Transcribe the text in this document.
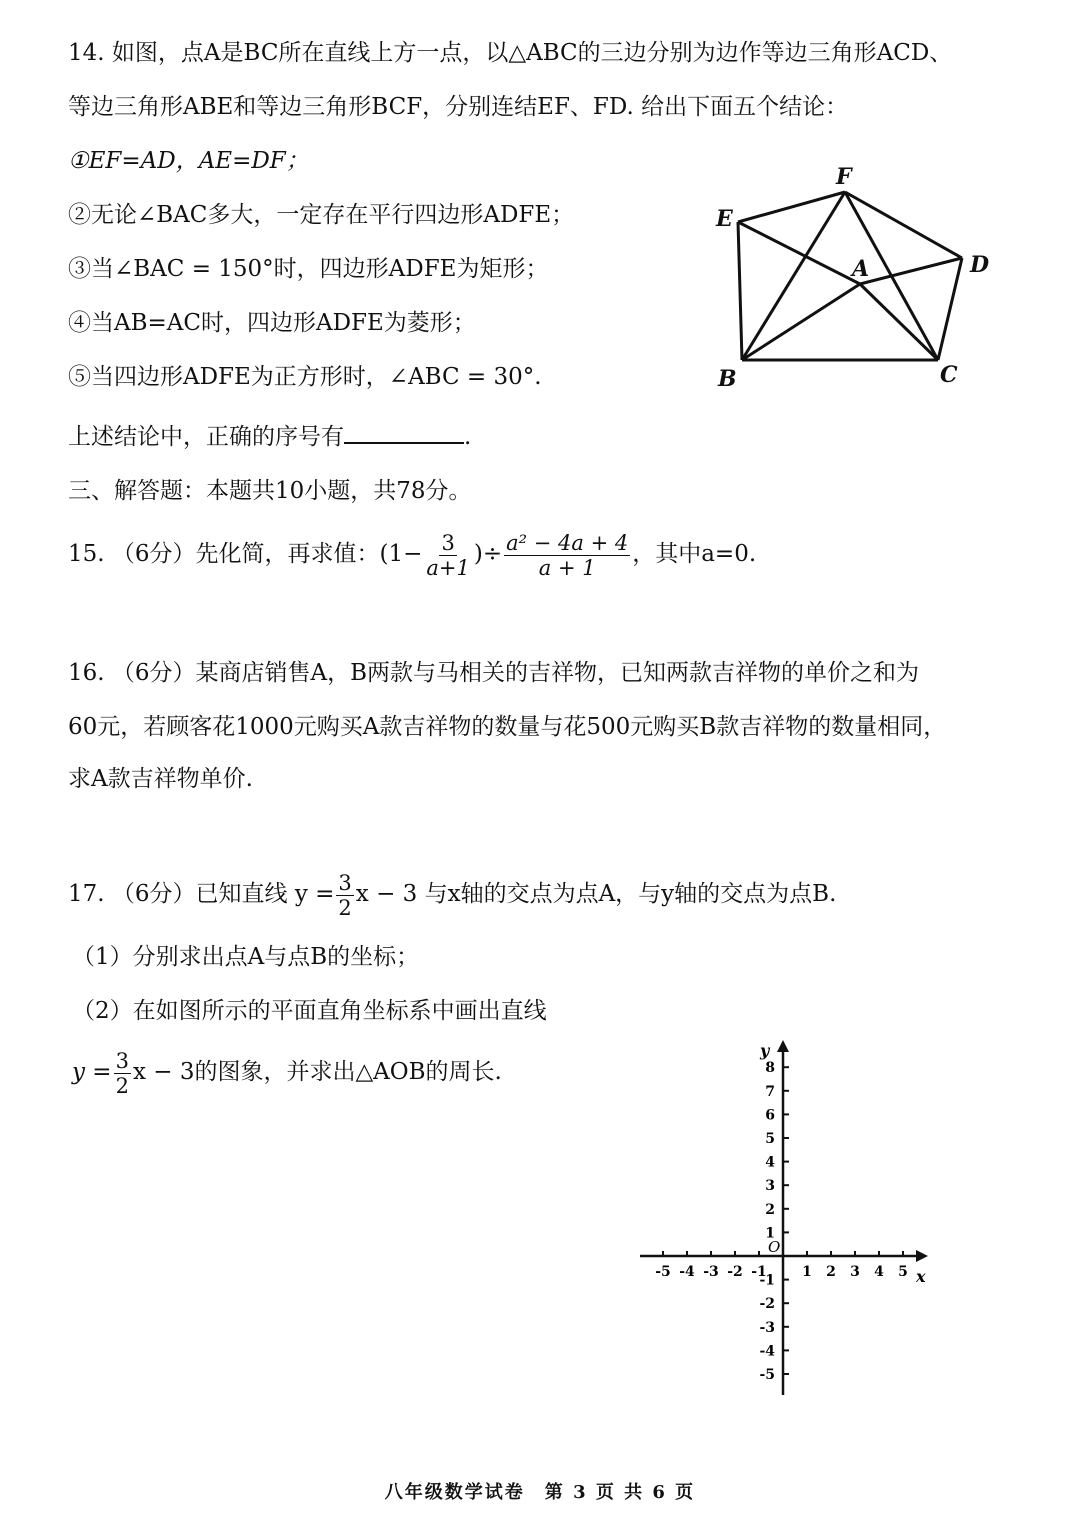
14. 如图，点A是BC所在直线上方一点，以△ABC的三边分别为边作等边三角形ACD、
等边三角形ABE和等边三角形BCF，分别连结EF、FD. 给出下面五个结论：
①EF=AD，AE=DF；
②无论∠BAC多大，一定存在平行四边形ADFE；
③当∠BAC = 150°时，四边形ADFE为矩形；
④当AB=AC时，四边形ADFE为菱形；
⑤当四边形ADFE为正方形时，∠ABC = 30°.
上述结论中，正确的序号有	.
E
F
D
A
B	C
三、解答题：本题共10小题，共78分。
15. （6分）先化简，再求值：($1- \frac{3}{a+1}$ )÷ $\frac{\text{a² − 4a + 4}}{a + 1}$ ，其中a=0.
16. （6分）某商店销售A，B两款与马相关的吉祥物，已知两款吉祥物的单价之和为
60元，若顾客花1000元购买A款吉祥物的数量与花500元购买B款吉祥物的数量相同，
求A款吉祥物单价.
17. （6分）已知直线 $y = \frac{3}{2}$ x − 3 与x轴的交点为点A，与y轴的交点为点B.
（1）分别求出点A与点B的坐标；
（2）在如图所示的平面直角坐标系中画出直线
$y = \frac{3}{2}$ x − 3的图象，并求出△AOB的周长.
-5 -4 -3 -2 -1	1 2 3 4 5
-5
-4
-3
-2
-1
1
2
3
4
5
6
7
8
x
y
O
八年级数学试卷　第 3 页 共 6 页
